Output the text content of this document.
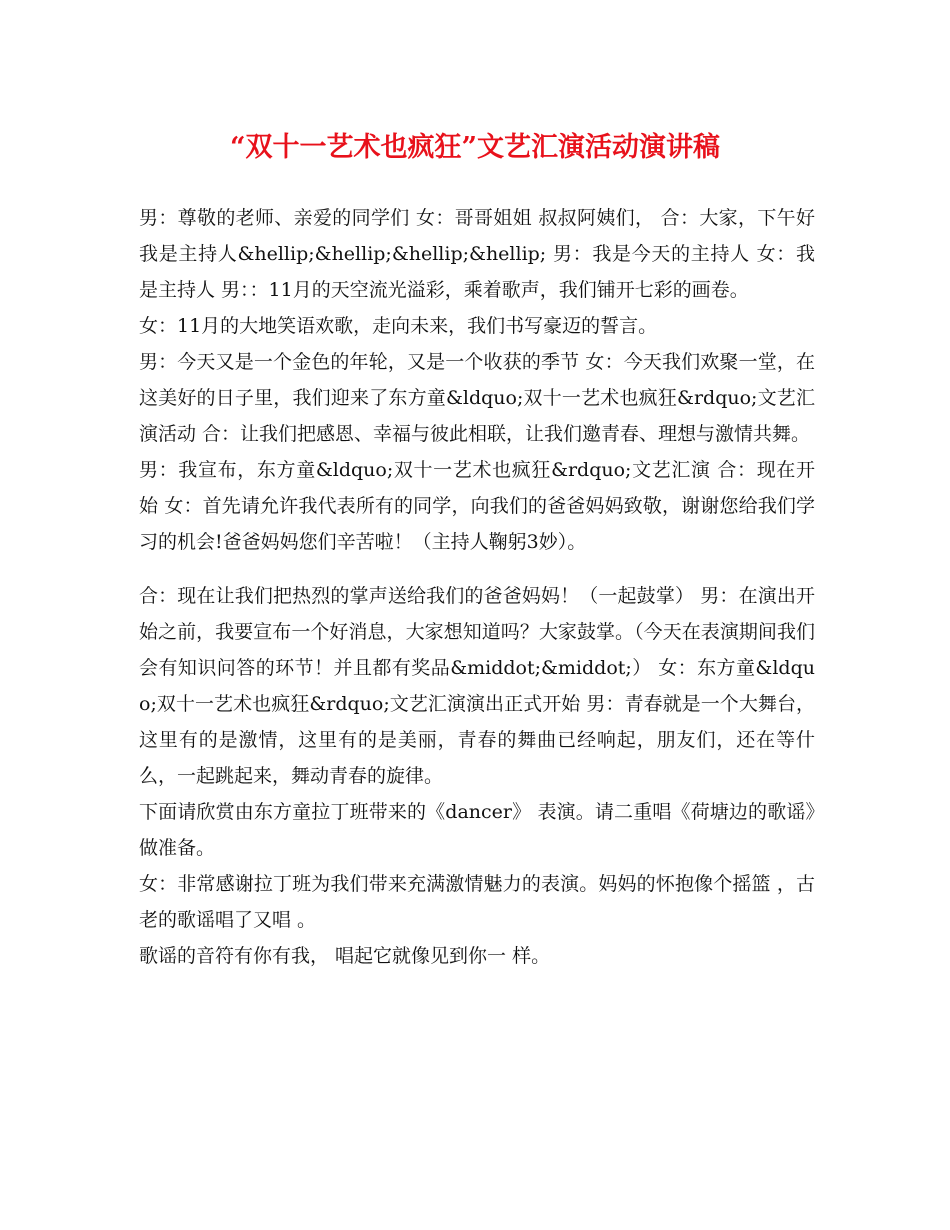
“双十一艺术也疯狂”文艺汇演活动演讲稿

男：尊敬的老师、亲爱的同学们 女：哥哥姐姐 叔叔阿姨们， 合：大家，下午好 我是主持人&hellip;&hellip;&hellip;&hellip; 男：我是今天的主持人 女：我是主持人 男：：11月的天空流光溢彩，乘着歌声，我们铺开七彩的画卷。

女：11月的大地笑语欢歌，走向未来，我们书写豪迈的誓言。

男：今天又是一个金色的年轮，又是一个收获的季节 女：今天我们欢聚一堂，在这美好的日子里，我们迎来了东方童&ldquo;双十一艺术也疯狂&rdquo;文艺汇演活动 合：让我们把感恩、幸福与彼此相联，让我们邀青春、理想与激情共舞。

男：我宣布，东方童&ldquo;双十一艺术也疯狂&rdquo;文艺汇演 合：现在开始 女：首先请允许我代表所有的同学，向我们的爸爸妈妈致敬，谢谢您给我们学习的机会!爸爸妈妈您们辛苦啦！（主持人鞠躬3妙）。

合：现在让我们把热烈的掌声送给我们的爸爸妈妈！（一起鼓掌） 男：在演出开始之前，我要宣布一个好消息，大家想知道吗？大家鼓掌。（今天在表演期间我们会有知识问答的环节！并且都有奖品&middot;&middot;） 女：东方童&ldquo;双十一艺术也疯狂&rdquo;文艺汇演演出正式开始 男：青春就是一个大舞台，这里有的是激情，这里有的是美丽，青春的舞曲已经响起，朋友们，还在等什么，一起跳起来，舞动青春的旋律。

下面请欣赏由东方童拉丁班带来的《dancer》 表演。请二重唱《荷塘边的歌谣》做准备。

女：非常感谢拉丁班为我们带来充满激情魅力的表演。妈妈的怀抱像个摇篮 ，古老的歌谣唱了又唱 。

歌谣的音符有你有我， 唱起它就像见到你一 样。
